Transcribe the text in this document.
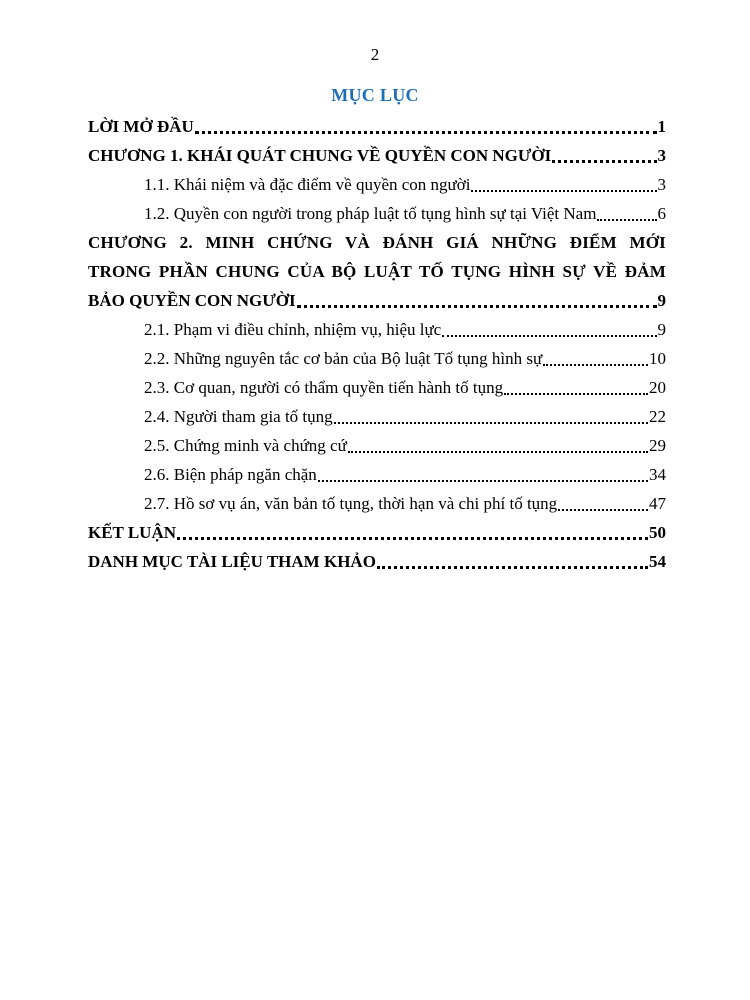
2
MỤC LỤC
LỜI MỞ ĐẦU	1
CHƯƠNG 1. KHÁI QUÁT CHUNG VỀ QUYỀN CON NGƯỜI	3
1.1. Khái niệm và đặc điểm về quyền con người	3
1.2. Quyền con người trong pháp luật tố tụng hình sự tại Việt Nam	6
CHƯƠNG 2. MINH CHỨNG VÀ ĐÁNH GIÁ NHỮNG ĐIỂM MỚI
TRONG PHẦN CHUNG CỦA BỘ LUẬT TỐ TỤNG HÌNH SỰ VỀ ĐẢM
BẢO QUYỀN CON NGƯỜI	9
2.1. Phạm vi điều chỉnh, nhiệm vụ, hiệu lực	9
2.2. Những nguyên tắc cơ bản của Bộ luật Tố tụng hình sự	10
2.3. Cơ quan, người có thẩm quyền tiến hành tố tụng	20
2.4. Người tham gia tố tụng	22
2.5. Chứng minh và chứng cứ	29
2.6. Biện pháp ngăn chặn	34
2.7. Hồ sơ vụ án, văn bản tố tụng, thời hạn và chi phí tố tụng	47
KẾT LUẬN	50
DANH MỤC TÀI LIỆU THAM KHẢO	54
